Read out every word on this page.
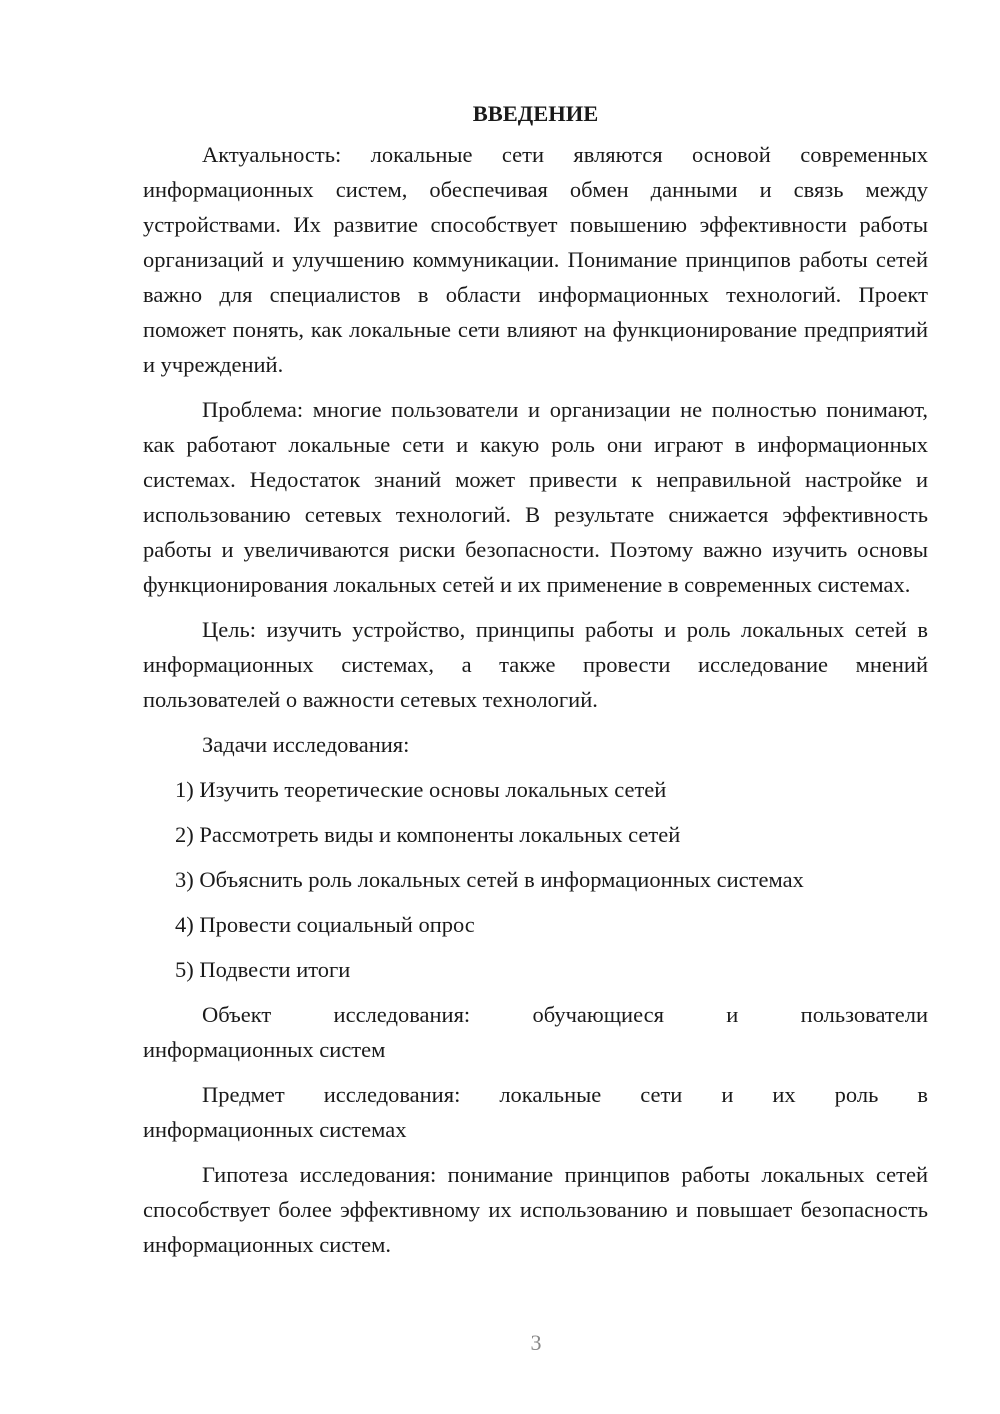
ВВЕДЕНИЕ

Актуальность: локальные сети являются основой современных информационных систем, обеспечивая обмен данными и связь между устройствами. Их развитие способствует повышению эффективности работы организаций и улучшению коммуникации. Понимание принципов работы сетей важно для специалистов в области информационных технологий. Проект поможет понять, как локальные сети влияют на функционирование предприятий и учреждений.

Проблема: многие пользователи и организации не полностью понимают, как работают локальные сети и какую роль они играют в информационных системах. Недостаток знаний может привести к неправильной настройке и использованию сетевых технологий. В результате снижается эффективность работы и увеличиваются риски безопасности. Поэтому важно изучить основы функционирования локальных сетей и их применение в современных системах.

Цель: изучить устройство, принципы работы и роль локальных сетей в информационных системах, а также провести исследование мнений пользователей о важности сетевых технологий.

Задачи исследования:

1) Изучить теоретические основы локальных сетей
2) Рассмотреть виды и компоненты локальных сетей
3) Объяснить роль локальных сетей в информационных системах
4) Провести социальный опрос
5) Подвести итоги

Объект исследования: обучающиеся и пользователи

информационных систем

Предмет исследования: локальные сети и их роль в

информационных системах

Гипотеза исследования: понимание принципов работы локальных сетей способствует более эффективному их использованию и повышает безопасность информационных систем.

3
